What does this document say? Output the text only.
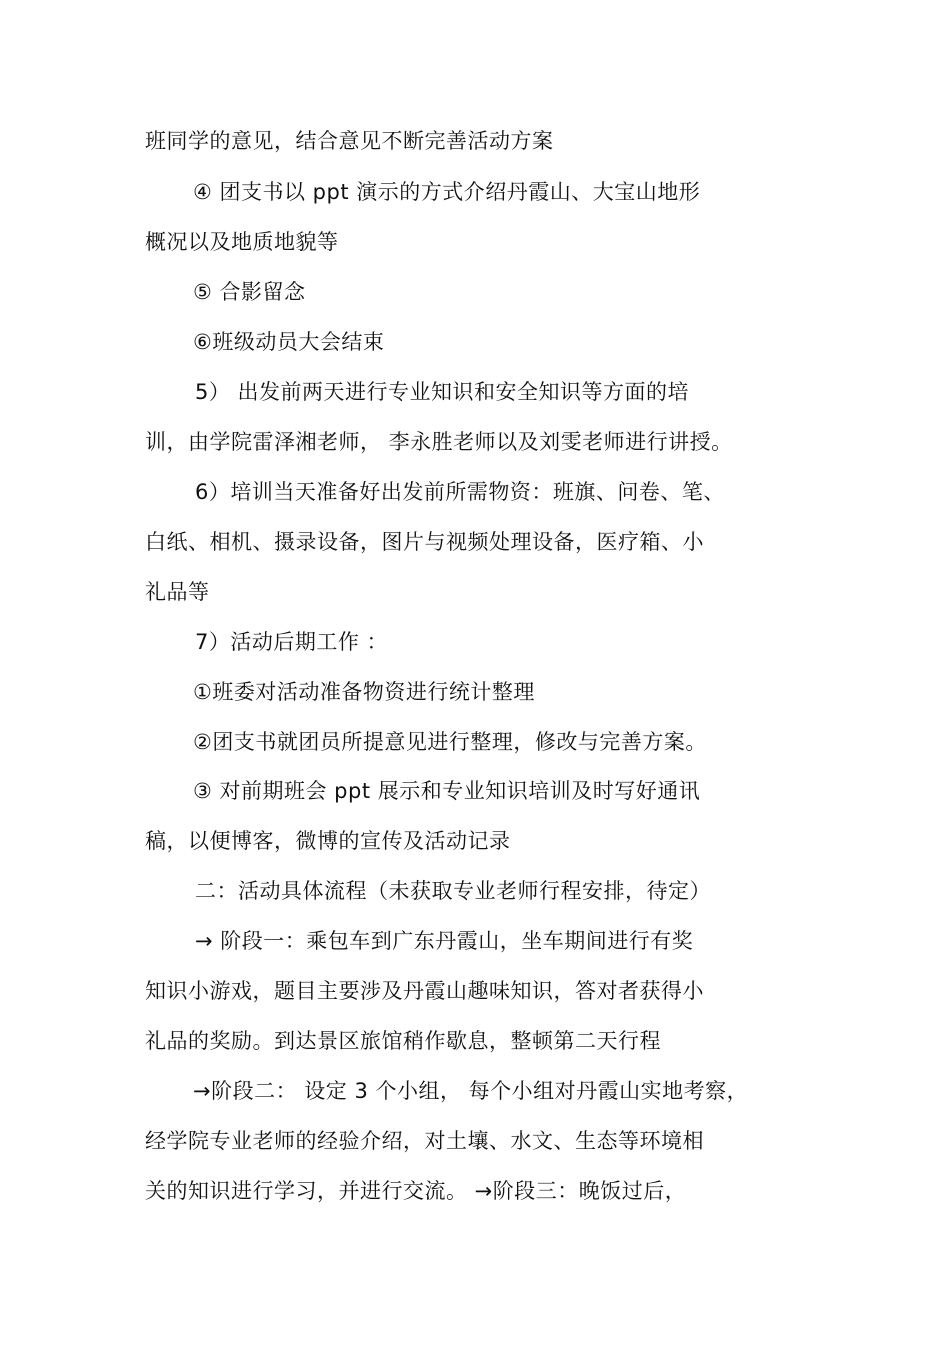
班同学的意见，结合意见不断完善活动方案
④ 团支书以 ppt 演示的方式介绍丹霞山、大宝山地形
概况以及地质地貌等
⑤ 合影留念
⑥班级动员大会结束
5） 出发前两天进行专业知识和安全知识等方面的培
训，由学院雷泽湘老师， 李永胜老师以及刘雯老师进行讲授。
6）培训当天准备好出发前所需物资：班旗、问卷、笔、
白纸、相机、摄录设备，图片与视频处理设备，医疗箱、小
礼品等
7）活动后期工作 ：
①班委对活动准备物资进行统计整理
②团支书就团员所提意见进行整理，修改与完善方案。
③ 对前期班会 ppt 展示和专业知识培训及时写好通讯
稿，以便博客，微博的宣传及活动记录
二：活动具体流程（未获取专业老师行程安排，待定）
→ 阶段一：乘包车到广东丹霞山，坐车期间进行有奖
知识小游戏，题目主要涉及丹霞山趣味知识，答对者获得小
礼品的奖励。到达景区旅馆稍作歇息，整顿第二天行程
→阶段二： 设定 3 个小组， 每个小组对丹霞山实地考察，
经学院专业老师的经验介绍，对土壤、水文、生态等环境相
关的知识进行学习，并进行交流。 →阶段三：晚饭过后，
